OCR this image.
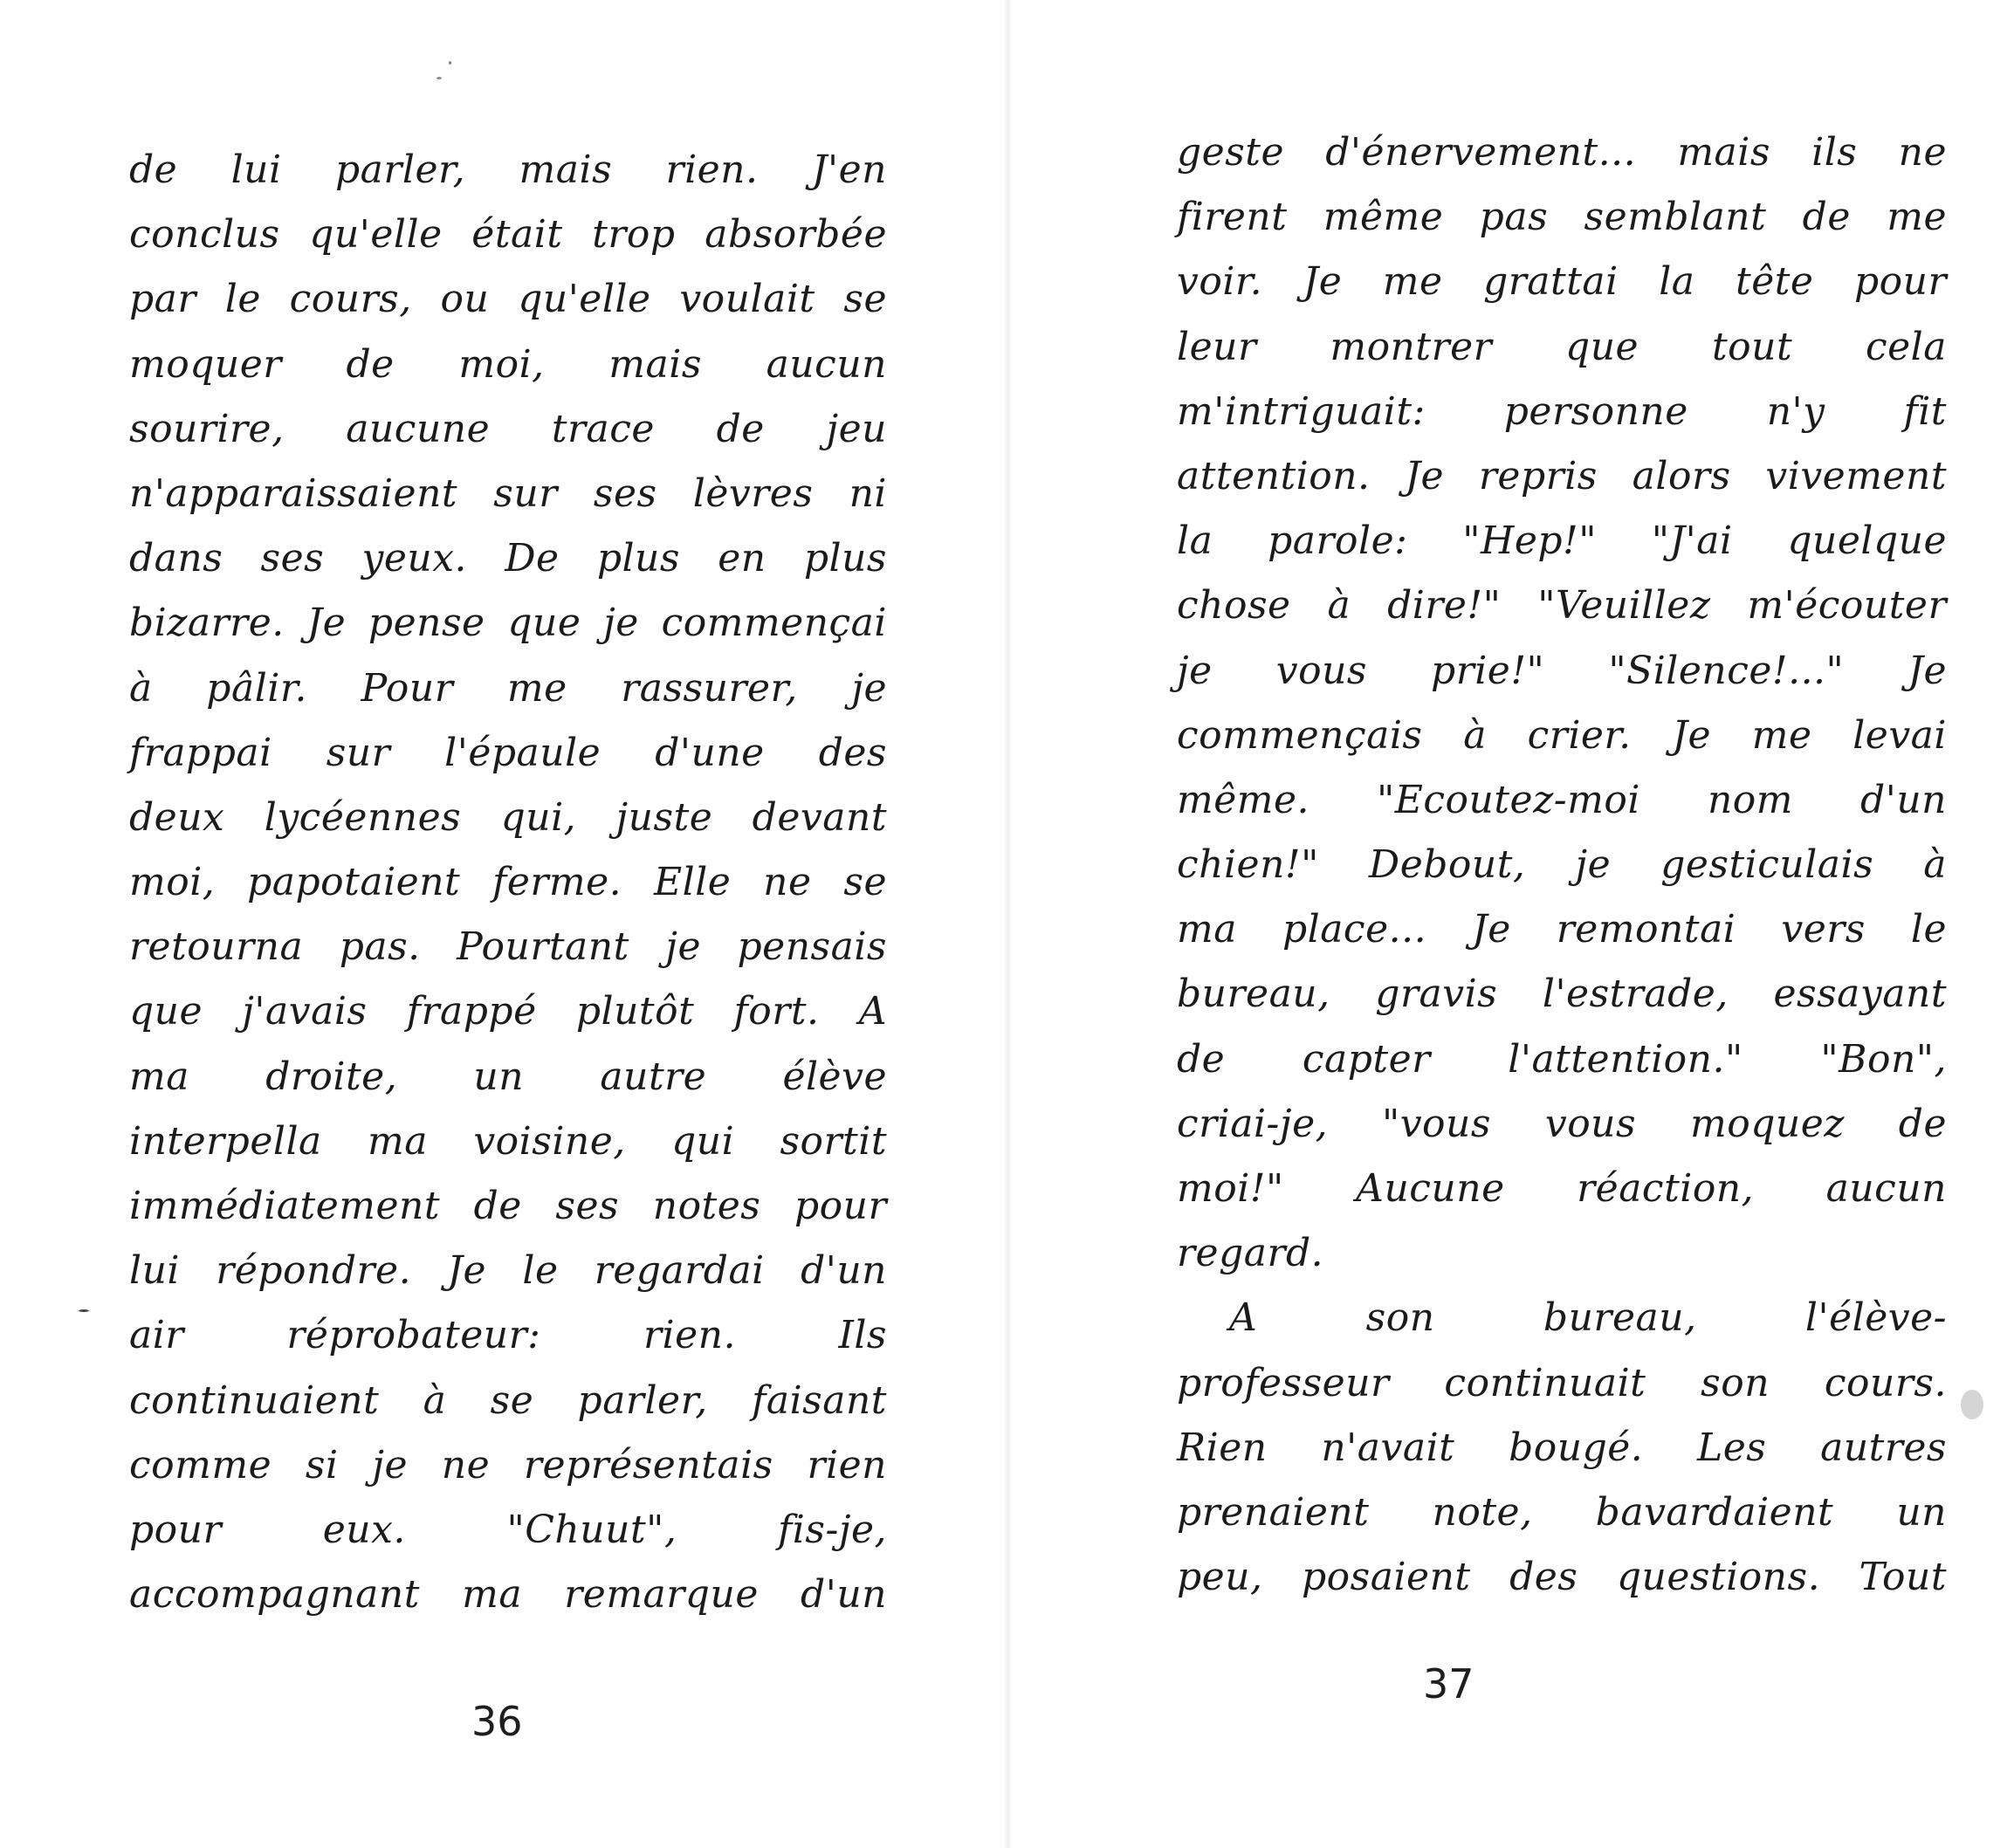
de lui parler, mais rien. J'en
conclus qu'elle était trop absorbée
par le cours, ou qu'elle voulait se
moquer de moi, mais aucun
sourire, aucune trace de jeu
n'apparaissaient sur ses lèvres ni
dans ses yeux. De plus en plus
bizarre. Je pense que je commençai
à pâlir. Pour me rassurer, je
frappai sur l'épaule d'une des
deux lycéennes qui, juste devant
moi, papotaient ferme. Elle ne se
retourna pas. Pourtant je pensais
que j'avais frappé plutôt fort. A
ma droite, un autre élève
interpella ma voisine, qui sortit
immédiatement de ses notes pour
lui répondre. Je le regardai d'un
air réprobateur: rien. Ils
continuaient à se parler, faisant
comme si je ne représentais rien
pour eux. "Chuut", fis-je,
accompagnant ma remarque d'un
36
geste d'énervement... mais ils ne
firent même pas semblant de me
voir. Je me grattai la tête pour
leur montrer que tout cela
m'intriguait: personne n'y fit
attention. Je repris alors vivement
la parole: "Hep!" "J'ai quelque
chose à dire!" "Veuillez m'écouter
je vous prie!" "Silence!..." Je
commençais à crier. Je me levai
même. "Ecoutez-moi nom d'un
chien!" Debout, je gesticulais à
ma place... Je remontai vers le
bureau, gravis l'estrade, essayant
de capter l'attention." "Bon",
criai-je, "vous vous moquez de
moi!" Aucune réaction, aucun
regard.
A son bureau, l'élève-
professeur continuait son cours.
Rien n'avait bougé. Les autres
prenaient note, bavardaient un
peu, posaient des questions. Tout
37
